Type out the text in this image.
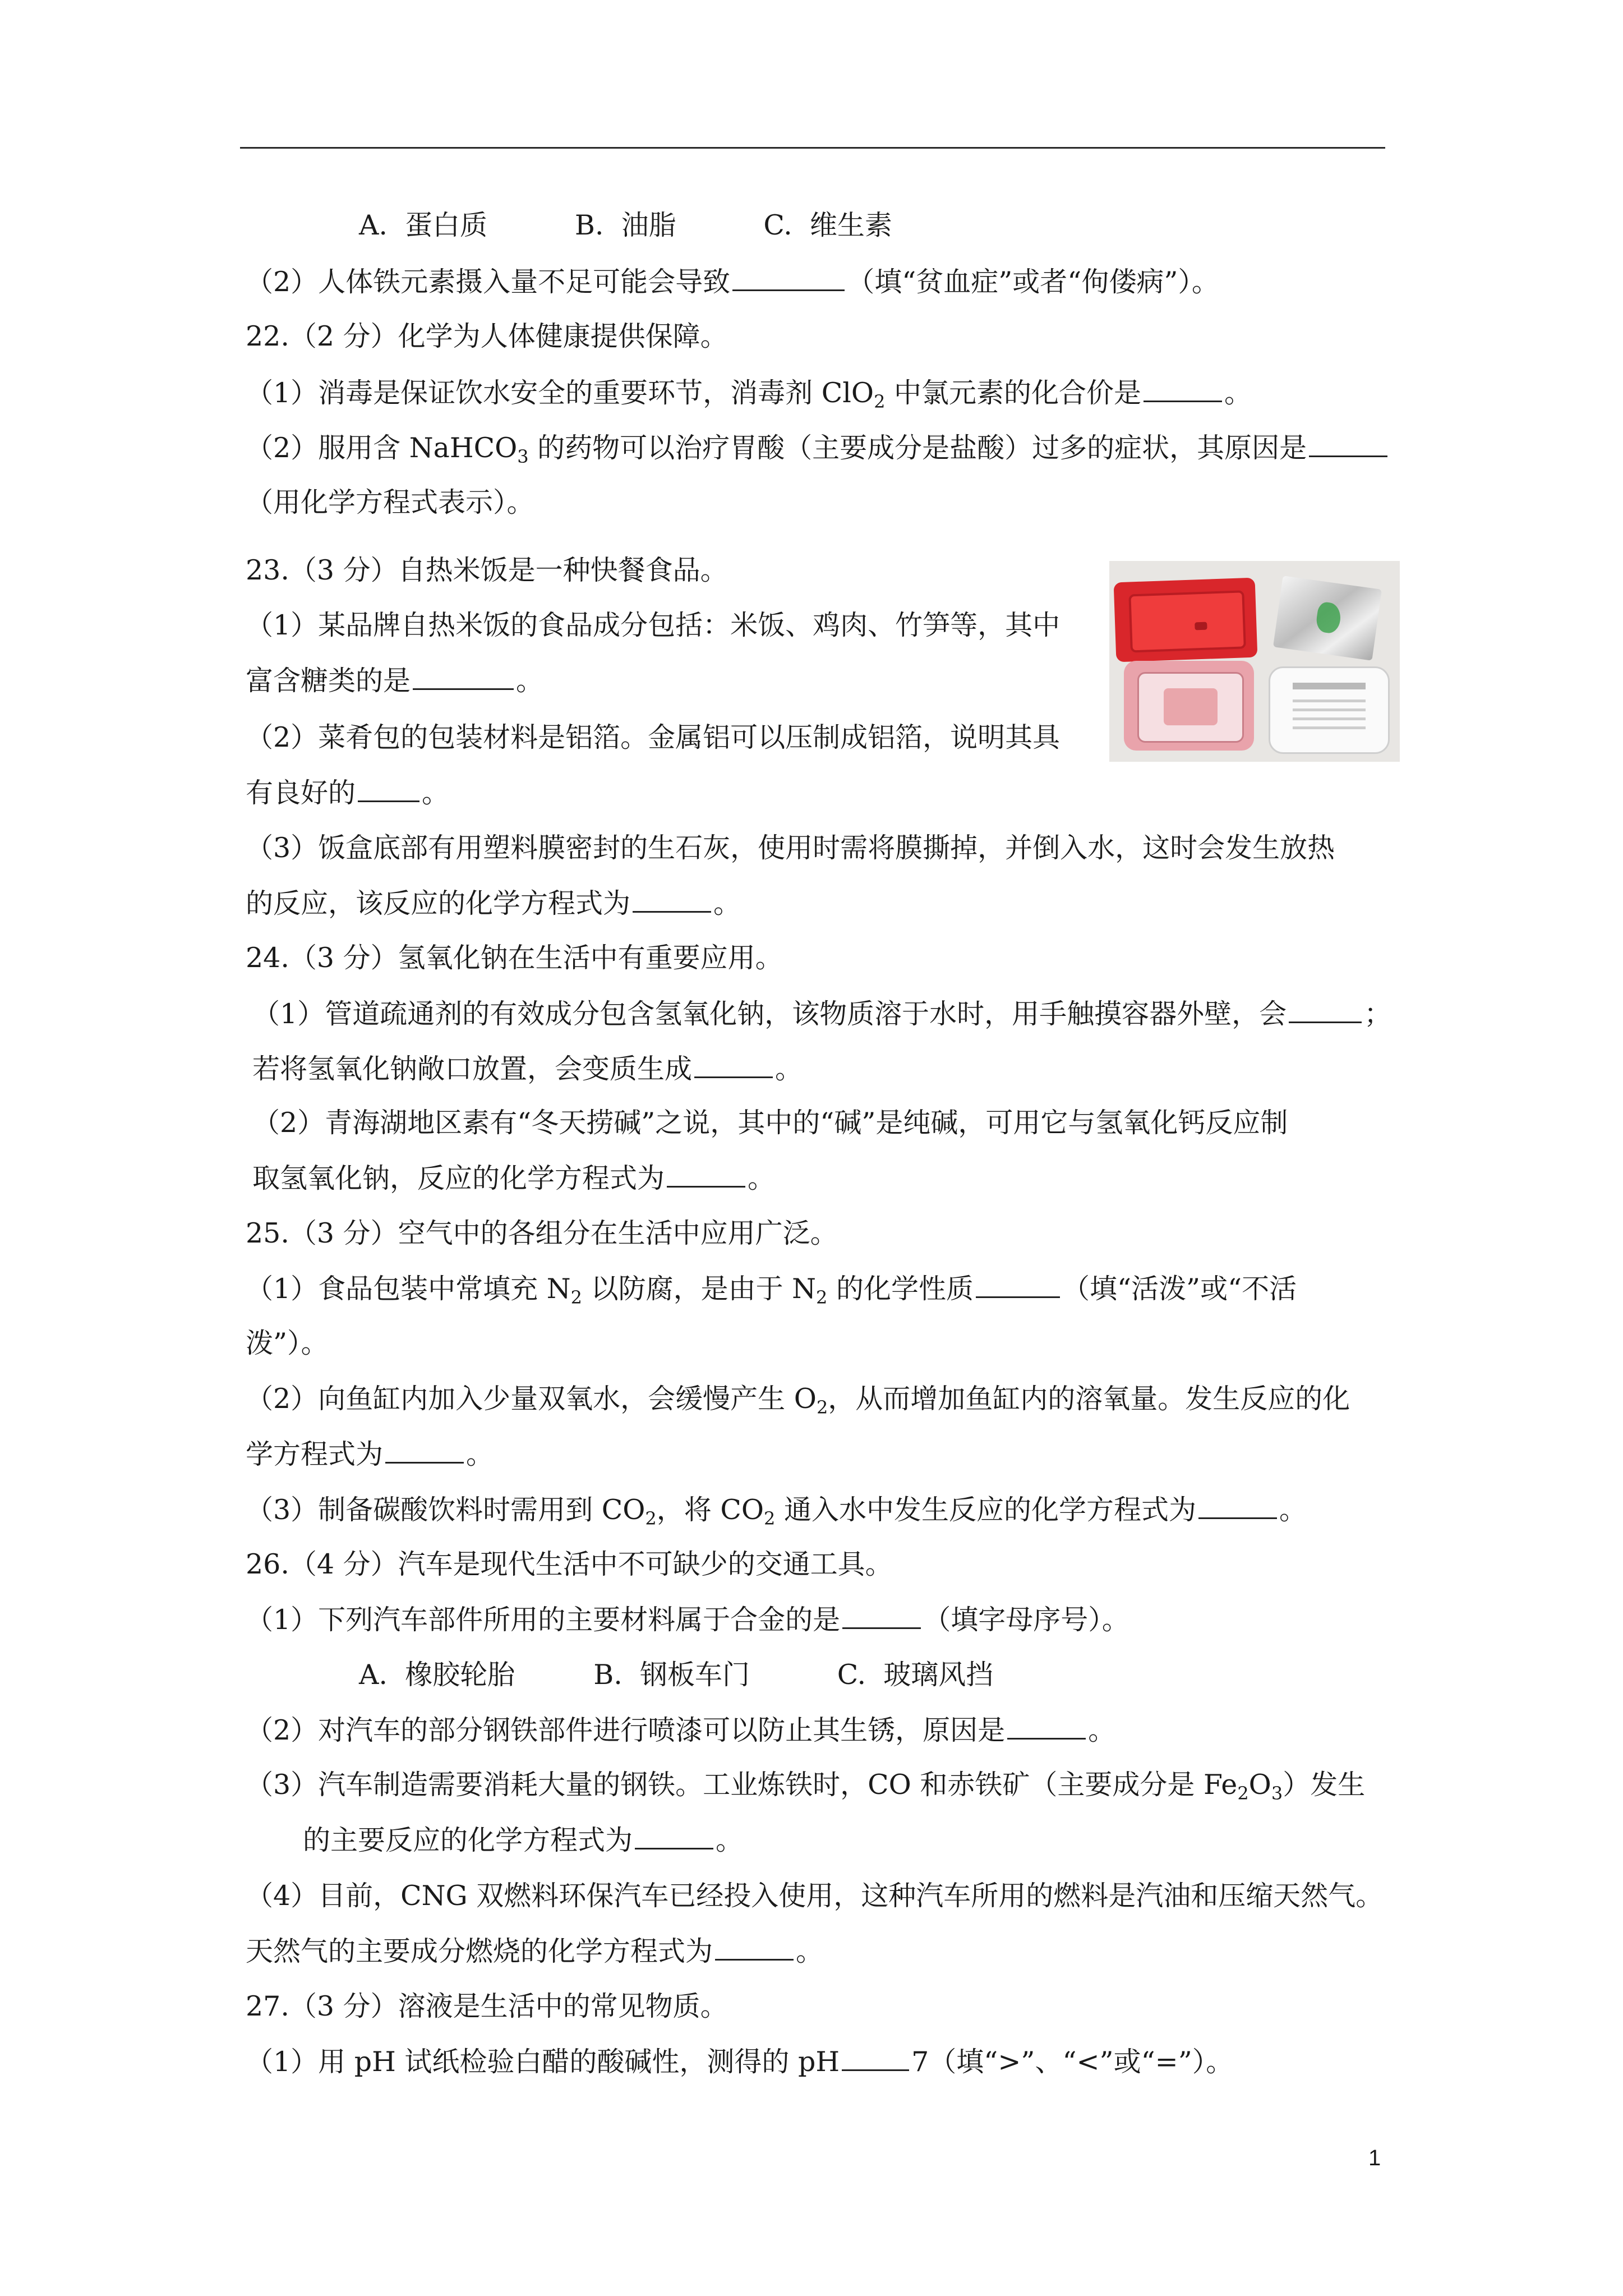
A.  蛋白质          B.  油脂          C.  维生素
（2）人体铁元素摄入量不足可能会导致	（填“贫血症”或者“佝偻病”）。
22.（2 分）化学为人体健康提供保障。
（1）消毒是保证饮水安全的重要环节，消毒剂 ClO$_2$ 中氯元素的化合价是	。
（2）服用含 NaHCO$_3$ 的药物可以治疗胃酸（主要成分是盐酸）过多的症状，其原因是
（用化学方程式表示）。
23.（3 分）自热米饭是一种快餐食品。
（1）某品牌自热米饭的食品成分包括：米饭、鸡肉、竹笋等，其中
富含糖类的是	。
（2）菜肴包的包装材料是铝箔。金属铝可以压制成铝箔，说明其具
有良好的 。
（3）饭盒底部有用塑料膜密封的生石灰，使用时需将膜撕掉，并倒入水，这时会发生放热
的反应，该反应的化学方程式为	。
24.（3 分）氢氧化钠在生活中有重要应用。
（1）管道疏通剂的有效成分包含氢氧化钠，该物质溶于水时，用手触摸容器外壁，会	；
若将氢氧化钠敞口放置，会变质生成	。
（2）青海湖地区素有“冬天捞碱”之说，其中的“碱”是纯碱，可用它与氢氧化钙反应制
取氢氧化钠，反应的化学方程式为	。
25.（3 分）空气中的各组分在生活中应用广泛。
（1）食品包装中常填充 $N_2$ 以防腐，是由于 $N_2$ 的化学性质	（填“活泼”或“不活
泼”）。
（2）向鱼缸内加入少量双氧水，会缓慢产生 $O_2$，从而增加鱼缸内的溶氧量。发生反应的化
学方程式为	。
（3）制备碳酸饮料时需用到 $CO_2$，将 $CO_2$ 通入水中发生反应的化学方程式为	。
26.（4 分）汽车是现代生活中不可缺少的交通工具。
（1）下列汽车部件所用的主要材料属于合金的是	（填字母序号）。
A.  橡胶轮胎         B.  钢板车门          C.  玻璃风挡
（2）对汽车的部分钢铁部件进行喷漆可以防止其生锈，原因是	。
（3）汽车制造需要消耗大量的钢铁。工业炼铁时，CO 和赤铁矿（主要成分是 $Fe_2O_3$）发生
的主要反应的化学方程式为	。
（4）目前，CNG 双燃料环保汽车已经投入使用，这种汽车所用的燃料是汽油和压缩天然气。
天然气的主要成分燃烧的化学方程式为	。
27.（3 分）溶液是生活中的常见物质。
（1）用 pH 试纸检验白醋的酸碱性，测得的 pH	7（填“>”、“<”或“=”）。
1
